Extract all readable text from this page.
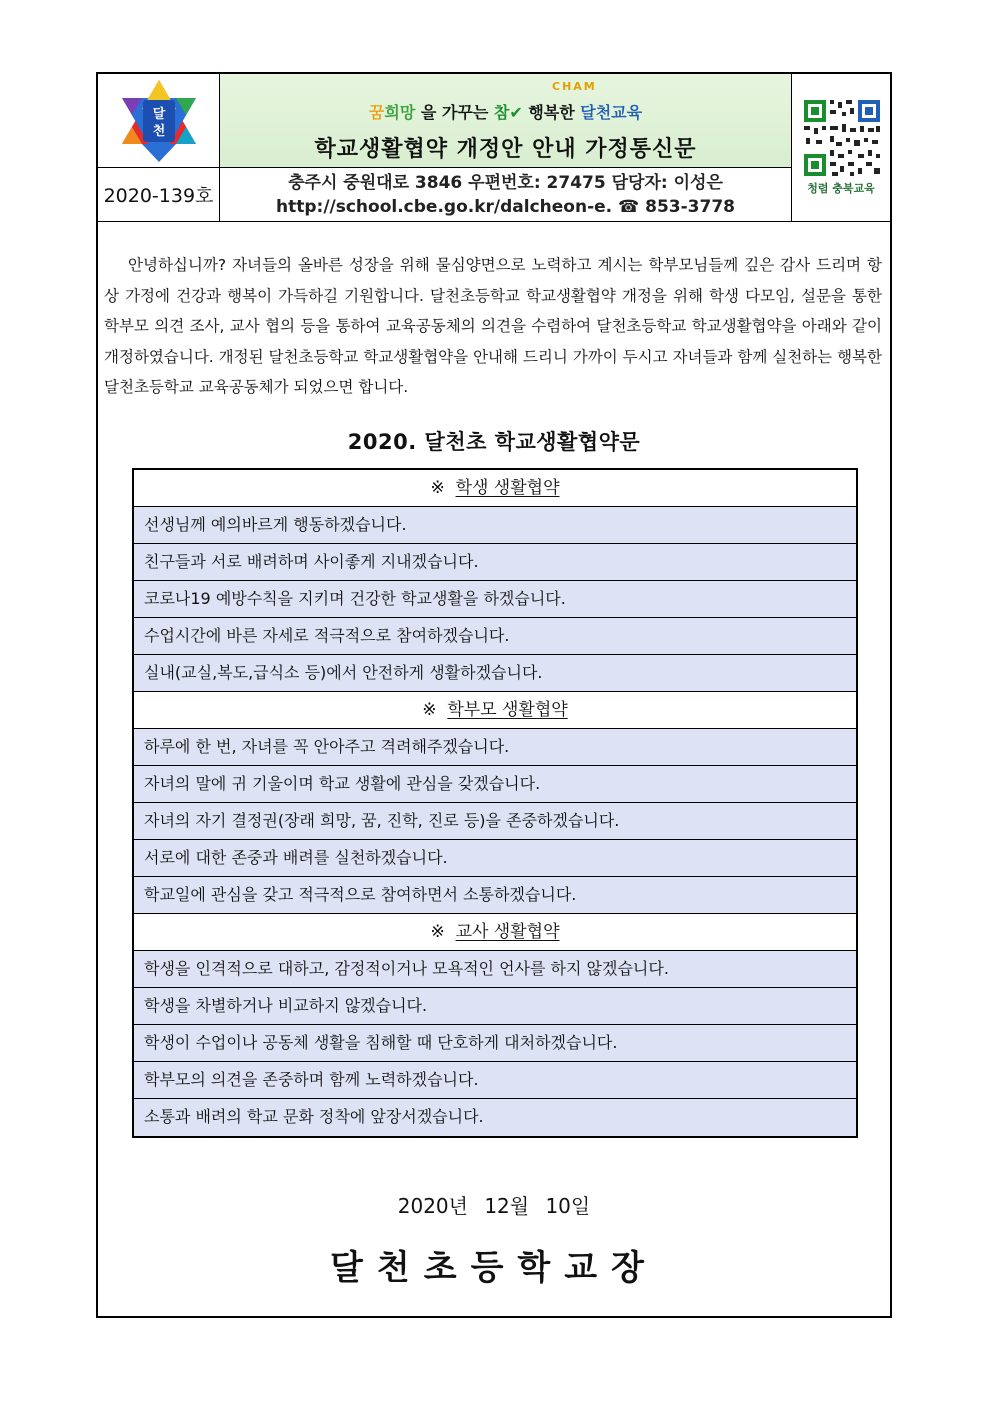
달
천
CHAM
꿈희망 을 가꾸는 참✔ 행복한 달천교육
학교생활협약 개정안 안내 가정통신문
청렴 충북교육
2020-139호
충주시 중원대로 3846 우편번호: 27475 담당자: 이성은
http://school.cbe.go.kr/dalcheon-e. ☎ 853-3778

안녕하십니까? 자녀들의 올바른 성장을 위해 물심양면으로 노력하고 계시는 학부모님들께 깊은 감사 드리며 항상 가정에 건강과 행복이 가득하길 기원합니다. 달천초등학교 학교생활협약 개정을 위해 학생 다모임, 설문을 통한 학부모 의견 조사, 교사 협의 등을 통하여 교육공동체의 의견을 수렴하여 달천초등학교 학교생활협약을 아래와 같이 개정하였습니다. 개정된 달천초등학교 학교생활협약을 안내해 드리니 가까이 두시고 자녀들과 함께 실천하는 행복한 달천초등학교 교육공동체가 되었으면 합니다.

2020. 달천초 학교생활협약문
※ 학생 생활협약
선생님께 예의바르게 행동하겠습니다.
친구들과 서로 배려하며 사이좋게 지내겠습니다.
코로나19 예방수칙을 지키며 건강한 학교생활을 하겠습니다.
수업시간에 바른 자세로 적극적으로 참여하겠습니다.
실내(교실,복도,급식소 등)에서 안전하게 생활하겠습니다.
※ 학부모 생활협약
하루에 한 번, 자녀를 꼭 안아주고 격려해주겠습니다.
자녀의 말에 귀 기울이며 학교 생활에 관심을 갖겠습니다.
자녀의 자기 결정권(장래 희망, 꿈, 진학, 진로 등)을 존중하겠습니다.
서로에 대한 존중과 배려를 실천하겠습니다.
학교일에 관심을 갖고 적극적으로 참여하면서 소통하겠습니다.
※ 교사 생활협약
학생을 인격적으로 대하고, 감정적이거나 모욕적인 언사를 하지 않겠습니다.
학생을 차별하거나 비교하지 않겠습니다.
학생이 수업이나 공동체 생활을 침해할 때 단호하게 대처하겠습니다.
학부모의 의견을 존중하며 함께 노력하겠습니다.
소통과 배려의 학교 문화 정착에 앞장서겠습니다.
2020년 12월 10일
달천초등학교장
